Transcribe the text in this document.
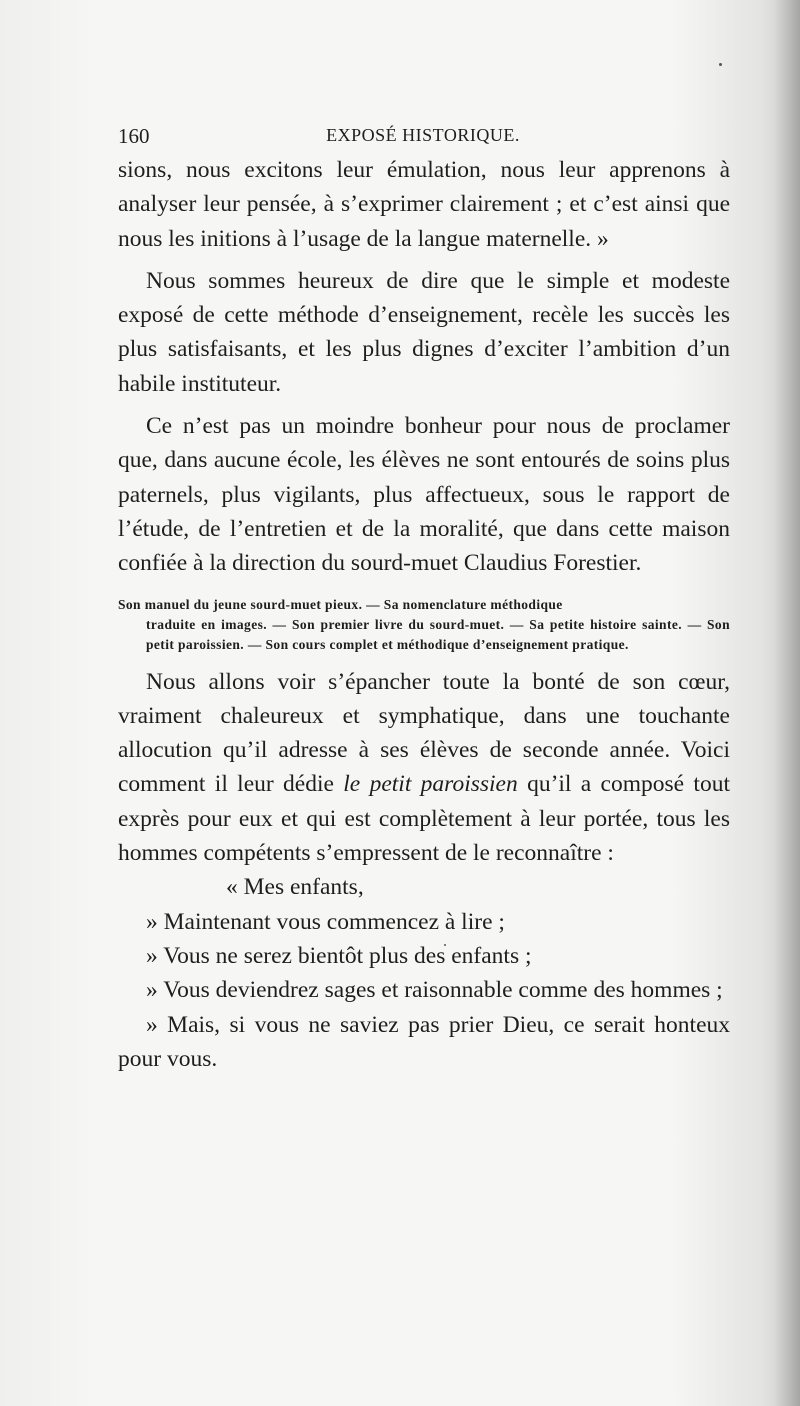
160	EXPOSÉ HISTORIQUE.

sions, nous excitons leur émulation, nous leur apprenons à analyser leur pensée, à s’exprimer clairement ; et c’est ainsi que nous les initions à l’usage de la langue maternelle. »

Nous sommes heureux de dire que le simple et modeste exposé de cette méthode d’enseignement, recèle les succès les plus satisfaisants, et les plus dignes d’exciter l’ambition d’un habile instituteur.

Ce n’est pas un moindre bonheur pour nous de proclamer que, dans aucune école, les élèves ne sont entourés de soins plus paternels, plus vigilants, plus affectueux, sous le rapport de l’étude, de l’entretien et de la moralité, que dans cette maison confiée à la direction du sourd-muet Claudius Forestier.

Son manuel du jeune sourd-muet pieux. — Sa nomenclature méthodique
traduite en images. — Son premier livre du sourd-muet. — Sa petite histoire sainte. — Son petit paroissien. — Son cours complet et méthodique d’enseignement pratique.

Nous allons voir s’épancher toute la bonté de son cœur, vraiment chaleureux et symphatique, dans une touchante allocution qu’il adresse à ses élèves de seconde année. Voici comment il leur dédie le petit paroissien qu’il a composé tout exprès pour eux et qui est complètement à leur portée, tous les hommes compétents s’empressent de le reconnaître :

« Mes enfants,

» Maintenant vous commencez à lire ;

» Vous ne serez bientôt plus des enfants ;

» Vous deviendrez sages et raisonnable comme des hommes ;

» Mais, si vous ne saviez pas prier Dieu, ce serait honteux pour vous.
